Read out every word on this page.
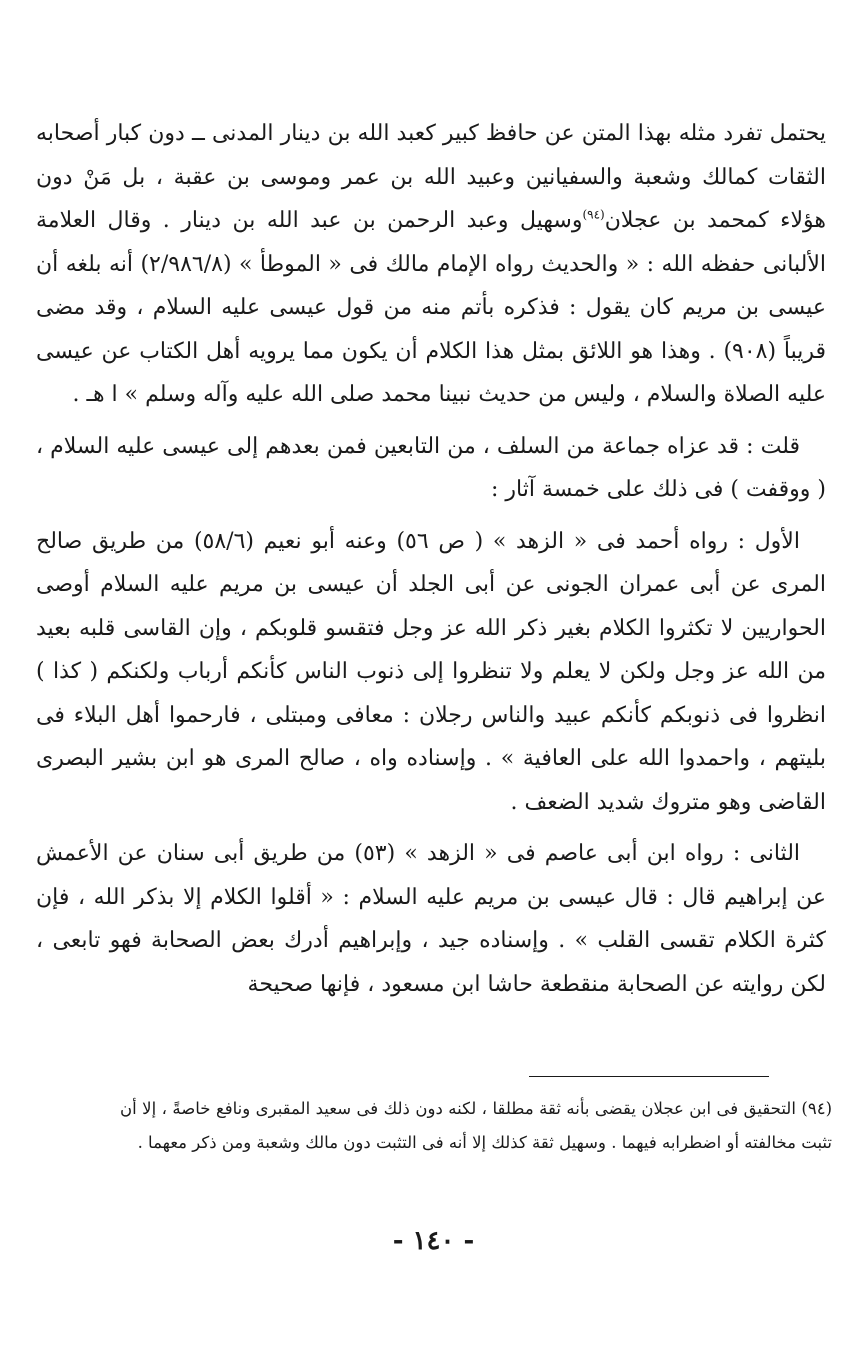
يحتمل تفرد مثله بهذا المتن عن حافظ كبير كعبد الله بن دينار المدنى ــ دون كبار أصحابه الثقات كمالك وشعبة والسفيانين وعبيد الله بن عمر وموسى بن عقبة ، بل مَنْ دون هؤلاء كمحمد بن عجلان$^{(٩٤)}$وسهيل وعبد الرحمن بن عبد الله بن دينار . وقال العلامة الألبانى حفظه الله : « والحديث رواه الإمام مالك فى « الموطأ » (٢/٩٨٦/٨) أنه بلغه أن عيسى بن مريم كان يقول : فذكره بأتم منه من قول عيسى عليه السلام ، وقد مضى قريباً (٩٠٨) . وهذا هو اللائق بمثل هذا الكلام أن يكون مما يرويه أهل الكتاب عن عيسى عليه الصلاة والسلام ، وليس من حديث نبينا محمد صلى الله عليه وآله وسلم » ا هـ .

قلت : قد عزاه جماعة من السلف ، من التابعين فمن بعدهم إلى عيسى عليه السلام ، ( ووقفت ) فى ذلك على خمسة آثار :

الأول : رواه أحمد فى « الزهد » ( ص ٥٦) وعنه أبو نعيم (٥٨/٦) من طريق صالح المرى عن أبى عمران الجونى عن أبى الجلد أن عيسى بن مريم عليه السلام أوصى الحواريين لا تكثروا الكلام بغير ذكر الله عز وجل فتقسو قلوبكم ، وإن القاسى قلبه بعيد من الله عز وجل ولكن لا يعلم ولا تنظروا إلى ذنوب الناس كأنكم أرباب ولكنكم ( كذا ) انظروا فى ذنوبكم كأنكم عبيد والناس رجلان : معافى ومبتلى ، فارحموا أهل البلاء فى بليتهم ، واحمدوا الله على العافية » . وإسناده واه ، صالح المرى هو ابن بشير البصرى القاضى وهو متروك شديد الضعف .

الثانى : رواه ابن أبى عاصم فى « الزهد » (٥٣) من طريق أبى سنان عن الأعمش عن إبراهيم قال : قال عيسى بن مريم عليه السلام : « أقلوا الكلام إلا بذكر الله ، فإن كثرة الكلام تقسى القلب » . وإسناده جيد ، وإبراهيم أدرك بعض الصحابة فهو تابعى ، لكن روايته عن الصحابة منقطعة حاشا ابن مسعود ، فإنها صحيحة

(٩٤) التحقيق فى ابن عجلان يقضى بأنه ثقة مطلقا ، لكنه دون ذلك فى سعيد المقبرى ونافع خاصةً ، إلا أن تثبت مخالفته أو اضطرابه فيهما . وسهيل ثقة كذلك إلا أنه فى التثبت دون مالك وشعبة ومن ذكر معهما .
- ١٤٠ -
